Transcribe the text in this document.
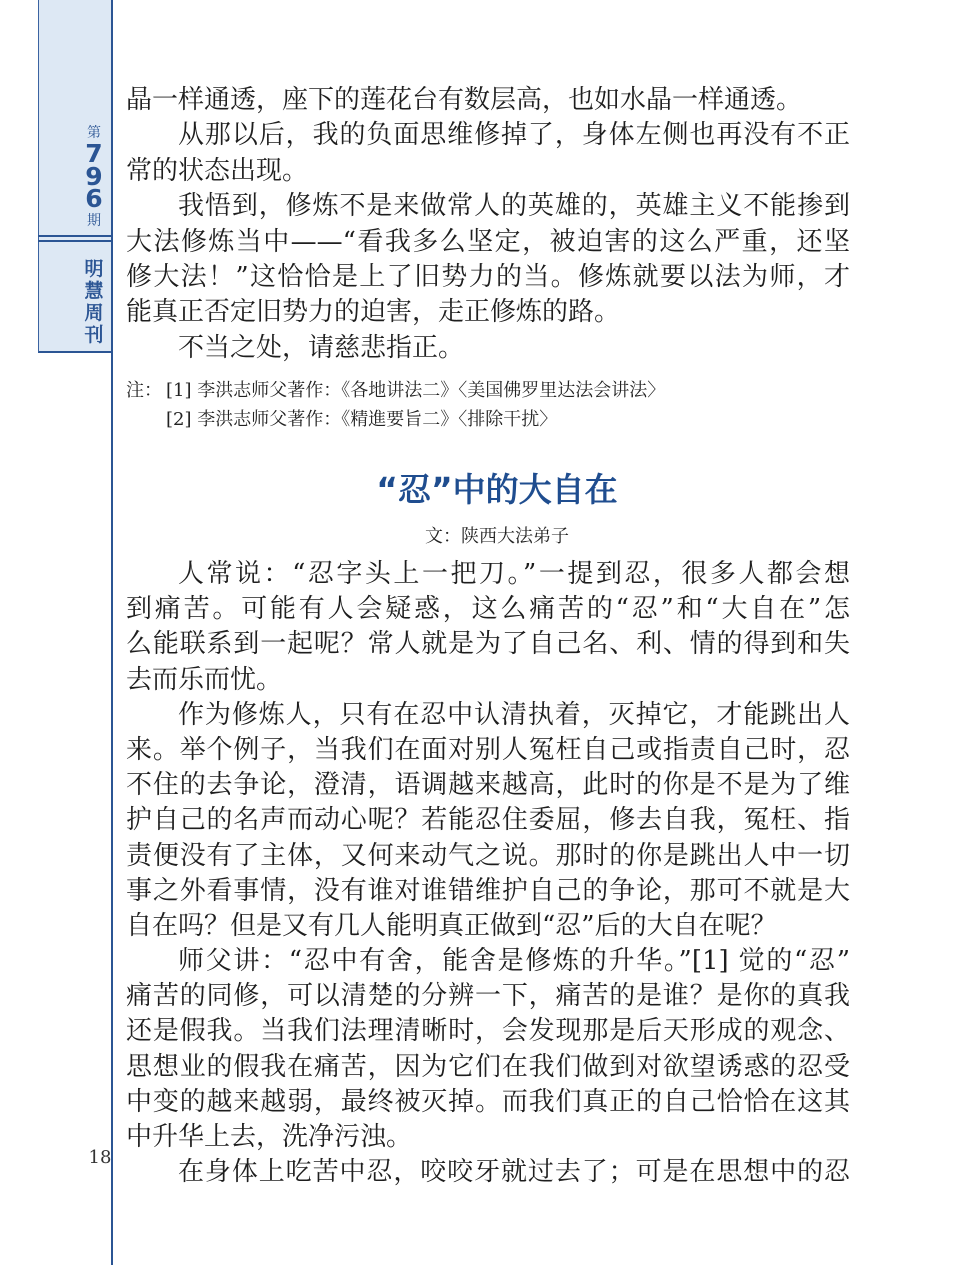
第
7
9
6
期
明
慧
周
刊
18
晶一样通透，座下的莲花台有数层高，也如水晶一样通透。
从那以后，我的负面思维修掉了，身体左侧也再没有不正
常的状态出现。
我悟到，修炼不是来做常人的英雄的，英雄主义不能掺到
大法修炼当中——“看我多么坚定，被迫害的这么严重，还坚
修大法！”这恰恰是上了旧势力的当。修炼就要以法为师，才
能真正否定旧势力的迫害，走正修炼的路。
不当之处，请慈悲指正。
注： [1] 李洪志师父著作：《各地讲法二》〈美国佛罗里达法会讲法〉
[2] 李洪志师父著作：《精進要旨二》〈排除干扰〉
“忍”中的大自在
文：陕西大法弟子
人常说：“忍字头上一把刀。”一提到忍，很多人都会想
到痛苦。可能有人会疑惑，这么痛苦的“忍”和“大自在”怎
么能联系到一起呢？常人就是为了自己名、利、情的得到和失
去而乐而忧。
作为修炼人，只有在忍中认清执着，灭掉它，才能跳出人
来。举个例子，当我们在面对别人冤枉自己或指责自己时，忍
不住的去争论，澄清，语调越来越高，此时的你是不是为了维
护自己的名声而动心呢？若能忍住委屈，修去自我，冤枉、指
责便没有了主体，又何来动气之说。那时的你是跳出人中一切
事之外看事情，没有谁对谁错维护自己的争论，那可不就是大
自在吗？但是又有几人能明真正做到“忍”后的大自在呢？
师父讲：“忍中有舍，能舍是修炼的升华。”[1] 觉的“忍”
痛苦的同修，可以清楚的分辨一下，痛苦的是谁？是你的真我
还是假我。当我们法理清晰时，会发现那是后天形成的观念、
思想业的假我在痛苦，因为它们在我们做到对欲望诱惑的忍受
中变的越来越弱，最终被灭掉。而我们真正的自己恰恰在这其
中升华上去，洗净污浊。
在身体上吃苦中忍，咬咬牙就过去了；可是在思想中的忍
